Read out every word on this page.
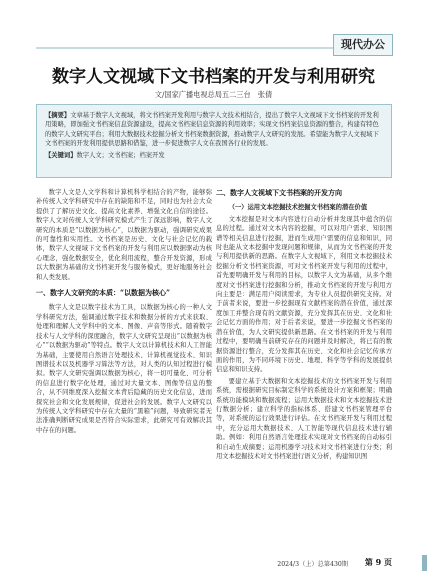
现代办公
数字人文视域下文书档案的开发与利用研究
文/国家广播电视总局五二三台　张倩

【摘要】文章基于数字人文视域，将文书档案开发利用与数字人文技术相结合，提出了数字人文视域下文书档案的开发利用策略，即加强文书档案信息资源建设，提高文书档案信息资源的利用效率；实现文书档案信息资源的整合，构建有特色的数字人文研究平台；利用大数据技术挖掘分析文书档案数据资源，推动数字人文研究的发展。希望能为数字人文视域下文书档案的开发利用提供思路和借鉴，进一步促进数字人文在我国各行业的发展。

【关键词】数字人文；文书档案；档案开发

数字人文是人文学科和计算机科学相结合的产物，能够弥补传统人文学科研究中存在的缺陷和不足，同时也为社会大众提供了了解历史文化、提高文化素养、增强文化自信的途径。数字人文对传统人文学科研究模式产生了深远影响，数字人文研究的本质是“以数据为核心”，以数据为驱动，强调研究成果的可靠性和实用性。文书档案是历史、文化与社会记忆的载体，数字人文视域下文书档案的开发与利用应以数据驱动为核心理念，强化数据安全，优化利用流程，整合开发资源，形成以大数据为基础的文书档案开发与服务模式，更好地服务社会和人类发展。

一、数字人文研究的本质：“以数据为核心”

数字人文是以数字技术为工具，以数据为核心的一种人文学科研究方法，强调通过数字技术和数据分析的方式来获取、处理和理解人文学科中的文本、图像、声音等形式。随着数字技术与人文学科的深度融合，数字人文研究呈现出“以数据为核心”“以数据为驱动”等特点。数字人文以计算机技术和人工智能为基础，主要使用自然语言处理技术、计算机视觉技术、知识图谱技术以及机器学习算法等方法，对人类的认知过程进行模拟。数字人文研究强调以数据为核心，将一切可量化、可分析的信息进行数字化处理，通过对大量文本、图像等信息的整合，从不同维度深入挖掘文本背后隐藏的历史文化信息，进而探究社会和文化发展规律，促进社会的发展。数字人文研究以为传统人文学科研究中存在大量的“黑箱”问题，导致研究者无法准确判断研究成果是否符合实际需求，此研究可有效解决其中存在的问题。

二、数字人文视域下文书档案的开发方向

（一）运用文本挖掘技术挖掘文书档案的潜在价值

文本挖掘是对文本内容进行自动分析并发现其中蕴含的信息的过程。通过对文本内容的挖掘，可以对用户需求、知识图谱等相关信息进行挖掘，进而生成用户需要的信息和知识，同时也能从文本挖掘中发现问题和规律，从而为文书档案的开发与利用提供新的思路。在数字人文视域下，利用文本挖掘技术挖掘分析文书档案资源，可对文书档案开发与利用的过程中，首先要明确开发与利用的目标，以数字人文为基础，从多个维度对文书档案进行挖掘和分析，推动文书档案的开发与利用方向主要是：满足用户阅读需求，为专业人员提供研究支持。对于前者来说，要进一步挖掘现有文献档案的潜在价值，通过深度加工并整合现有的文献资源，充分发挥其在历史、文化和社会记忆方面的作用；对于后者来说，要进一步挖掘文书档案的潜在价值，为人文研究提供新思路。在文书档案的开发与利用过程中，要明确当前研究存在的问题并及时解决，将已有的数据资源进行整合，充分发挥其在历史、文化和社会记忆传承方面的作用，为不同环境下历史、地理、科学等学科的发展提供信息和知识支持。

要建立基于大数据和文本挖掘技术的文书档案开发与利用系统，需根据研究目标制定科学的系统设计方案和框架；明确系统功能模块和数据流程；运用大数据技术和文本挖掘技术进行数据分析；建立科学的指标体系、搭建文书档案管理平台等，对系统的运行效果进行评估。在文书档案开发与利用过程中，充分运用大数据技术、人工智能等现代信息技术进行辅助。例如：利用自然语言处理技术实现对文书档案的自动标引和自动生成摘要；运用机器学习技术对文书档案进行分类；利用文本挖掘技术对文书档案进行语义分析，构建知识图

2024/3（上）总第430期 第 9 页
